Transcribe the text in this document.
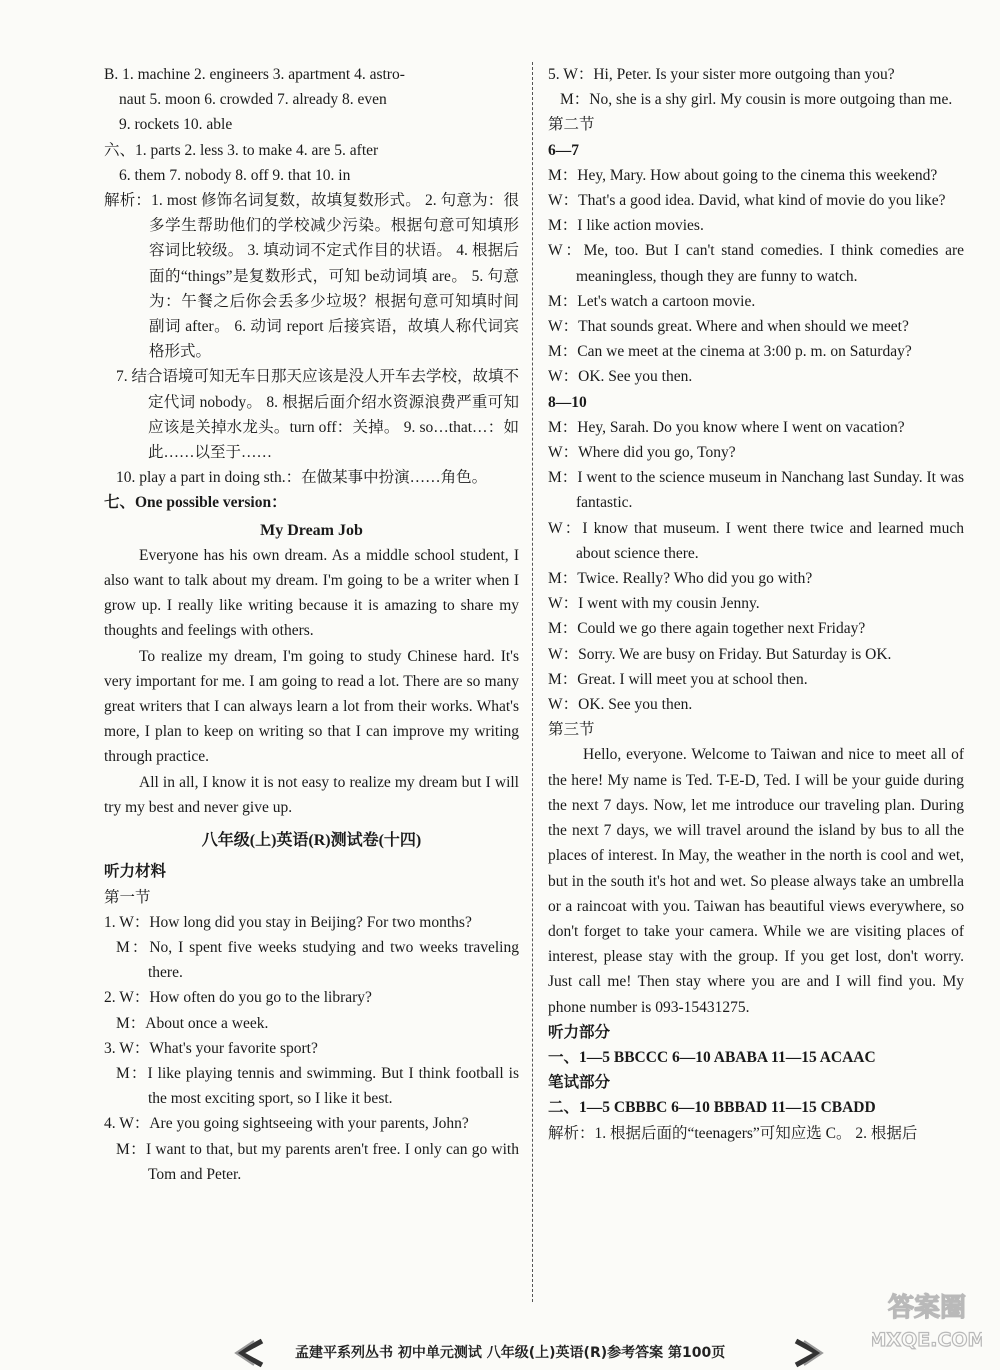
B. 1. machine 2. engineers 3. apartment 4. astro-

naut 5. moon 6. crowded 7. already 8. even

9. rockets 10. able

六、1. parts 2. less 3. to make 4. are 5. after

6. them 7. nobody 8. off 9. that 10. in

解析：1. most 修饰名词复数，故填复数形式。 2. 句意为：很多学生帮助他们的学校减少污染。根据句意可知填形容词比较级。 3. 填动词不定式作目的状语。 4. 根据后面的“things”是复数形式，可知 be动词填 are。 5. 句意为：午餐之后你会丢多少垃圾？根据句意可知填时间副词 after。 6. 动词 report 后接宾语，故填人称代词宾格形式。

7. 结合语境可知无车日那天应该是没人开车去学校，故填不定代词 nobody。 8. 根据后面介绍水资源浪费严重可知应该是关掉水龙头。turn off：关掉。 9. so…that…：如此……以至于……

10. play a part in doing sth.：在做某事中扮演……角色。

七、One possible version：

My Dream Job

Everyone has his own dream. As a middle school student, I also want to talk about my dream. I'm going to be a writer when I grow up. I really like writing because it is amazing to share my thoughts and feelings with others.

To realize my dream, I'm going to study Chinese hard. It's very important for me. I am going to read a lot. There are so many great writers that I can always learn a lot from their works. What's more, I plan to keep on writing so that I can improve my writing through practice.

All in all, I know it is not easy to realize my dream but I will try my best and never give up.

八年级(上)英语(R)测试卷(十四)

听力材料

第一节

1. W：How long did you stay in Beijing? For two months?

M：No, I spent five weeks studying and two weeks traveling there.

2. W：How often do you go to the library?

M：About once a week.

3. W：What's your favorite sport?

M：I like playing tennis and swimming. But I think football is the most exciting sport, so I like it best.

4. W：Are you going sightseeing with your parents, John?

M：I want to that, but my parents aren't free. I only can go with Tom and Peter.

5. W：Hi, Peter. Is your sister more outgoing than you?

M：No, she is a shy girl. My cousin is more outgoing than me.

第二节

6—7

M：Hey, Mary. How about going to the cinema this weekend?

W：That's a good idea. David, what kind of movie do you like?

M：I like action movies.

W：Me, too. But I can't stand comedies. I think comedies are meaningless, though they are funny to watch.

M：Let's watch a cartoon movie.

W：That sounds great. Where and when should we meet?

M：Can we meet at the cinema at 3:00 p. m. on Saturday?

W：OK. See you then.

8—10

M：Hey, Sarah. Do you know where I went on vacation?

W：Where did you go, Tony?

M：I went to the science museum in Nanchang last Sunday. It was fantastic.

W：I know that museum. I went there twice and learned much about science there.

M：Twice. Really? Who did you go with?

W：I went with my cousin Jenny.

M：Could we go there again together next Friday?

W：Sorry. We are busy on Friday. But Saturday is OK.

M：Great. I will meet you at school then.

W：OK. See you then.

第三节

Hello, everyone. Welcome to Taiwan and nice to meet all of the here! My name is Ted. T-E-D, Ted. I will be your guide during the next 7 days. Now, let me introduce our traveling plan. During the next 7 days, we will travel around the island by bus to all the places of interest. In May, the weather in the north is cool and wet, but in the south it's hot and wet. So please always take an umbrella or a raincoat with you. Taiwan has beautiful views everywhere, so don't forget to take your camera. While we are visiting places of interest, please stay with the group. If you get lost, don't worry. Just call me! Then stay where you are and I will find you. My phone number is 093-15431275.

听力部分

一、1—5 BBCCC 6—10 ABABA 11—15 ACAAC

笔试部分

二、1—5 CBBBC 6—10 BBBAD 11—15 CBADD

解析：1. 根据后面的“teenagers”可知应选 C。 2. 根据后

孟建平系列丛书 初中单元测试 八年级(上)英语(R)参考答案 第100页
答案圈
MXQE.COM
